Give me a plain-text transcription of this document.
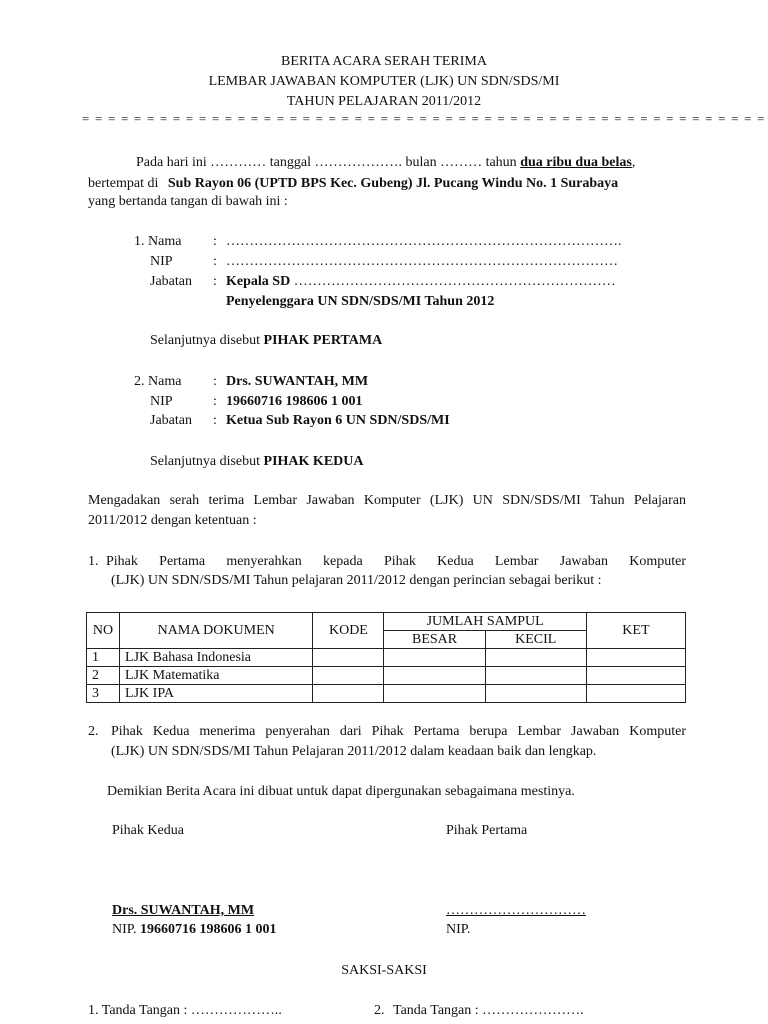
BERITA ACARA SERAH TERIMA
LEMBAR JAWABAN KOMPUTER (LJK) UN SDN/SDS/MI
TAHUN PELAJARAN 2011/2012
= = = = = = = = = = = = = = = = = = = = = = = = = = = = = = = = = = = = = = = = = = = = = = = = = = = = =
Pada hari ini ………… tanggal ………………. bulan ……… tahun dua ribu dua belas,
bertempat di Sub Rayon 06 (UPTD BPS Kec. Gubeng) Jl. Pucang Windu No. 1 Surabaya
yang bertanda tangan di bawah ini :
1. Nama : ………………………………………………………………………….
NIP	: …………………………………………………………………………
Jabatan : Kepala SD ……………………………………………………………
Penyelenggara UN SDN/SDS/MI Tahun 2012
Selanjutnya disebut PIHAK PERTAMA
2. Nama : Drs. SUWANTAH, MM
NIP	: 19660716 198606 1 001
Jabatan : Ketua Sub Rayon 6 UN SDN/SDS/MI
Selanjutnya disebut PIHAK KEDUA
Mengadakan serah terima Lembar Jawaban Komputer (LJK) UN SDN/SDS/MI Tahun Pelajaran
2011/2012 dengan ketentuan :
1. Pihak Pertama menyerahkan kepada Pihak Kedua Lembar Jawaban Komputer
(LJK) UN SDN/SDS/MI Tahun pelajaran 2011/2012 dengan perincian sebagai berikut :
NO	NAMA DOKUMEN	KODE	JUMLAH SAMPUL		KET
			BESAR	KECIL	
1	LJK Bahasa Indonesia				
2	LJK Matematika				
3	LJK IPA				
2. Pihak Kedua menerima penyerahan dari Pihak Pertama berupa Lembar Jawaban Komputer
(LJK) UN SDN/SDS/MI Tahun Pelajaran 2011/2012 dalam keadaan baik dan lengkap.
Demikian Berita Acara ini dibuat untuk dapat dipergunakan sebagaimana mestinya.
Pihak Kedua	Pihak Pertama
Drs. SUWANTAH, MM	…………………………
NIP. 19660716 198606 1 001	NIP.
SAKSI-SAKSI
1. Tanda Tangan : ………………..	2. Tanda Tangan : ………………….
